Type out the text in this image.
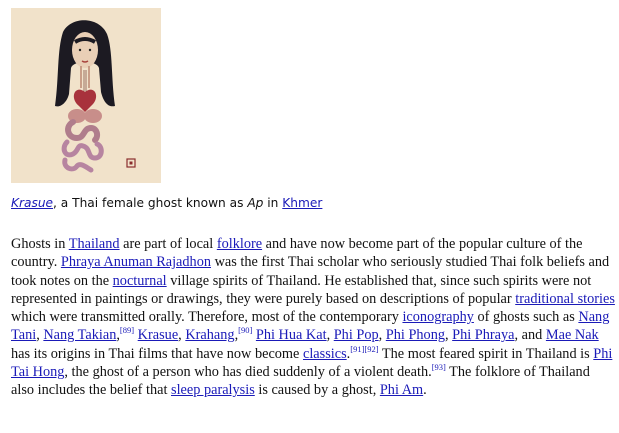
Krasue, a Thai female ghost known as Ap in Khmer

Ghosts in Thailand are part of local folklore and have now become part of the popular culture of the country. Phraya Anuman Rajadhon was the first Thai scholar who seriously studied Thai folk beliefs and took notes on the nocturnal village spirits of Thailand. He established that, since such spirits were not represented in paintings or drawings, they were purely based on descriptions of popular traditional stories which were transmitted orally. Therefore, most of the contemporary iconography of ghosts such as Nang Tani, Nang Takian,[89] Krasue, Krahang,[90] Phi Hua Kat, Phi Pop, Phi Phong, Phi Phraya, and Mae Nak has its origins in Thai films that have now become classics.[91][92] The most feared spirit in Thailand is Phi Tai Hong, the ghost of a person who has died suddenly of a violent death.[93] The folklore of Thailand also includes the belief that sleep paralysis is caused by a ghost, Phi Am.
